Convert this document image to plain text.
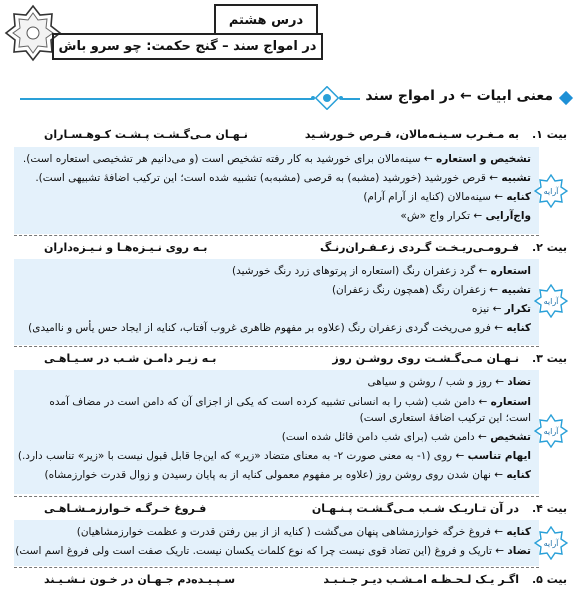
درس هشتم
در امواج سند – گنج حکمت: چو سرو باش
معنی ابیات ← در امواج سند
بیت ۱.
به مـغـرب سـینـه‌مالان، قـرص خـورشـید
نـهـان مـی‌گـشـت پـشـت کـوهـسـاران
تشخیص و استعاره ← سینه‌مالان برای خورشید به کار رفته تشخیص است (و می‌دانیم هر تشخیصی استعاره است).
تشبیه ← قرص خورشید (خورشید (مشبه) به قرصی (مشبه‌به) تشبیه شده است؛ این ترکیب اضافهٔ تشبیهی است).
کنایه ← سینه‌مالان (کنایه از آرام آرام)
واج‌آرایی ← تکرار واج «ش»
آرایه
بیت ۲.
فـرومـی‌ریـخـت گـردی زعـفـران‌رنـگ
بـه روی نـیـزه‌هـا و نـیـزه‌داران
استعاره ← گرد زعفران رنگ (استعاره از پرتوهای زرد رنگ خورشید)
تشبیه ← زعفران رنگ (همچون رنگ زعفران)
تکرار ← نیزه
کنایه ← فرو می‌ریخت گردی زعفران رنگ (علاوه بر مفهوم ظاهری غروب آفتاب، کنایه از ایجاد حس یأس و ناامیدی)
آرایه
بیت ۳.
نـهـان مـی‌گـشـت روی روشـن روز
بـه زیـر دامـن شـب در سـیـاهـی
تضاد ← روز و شب / روشن و سیاهی
استعاره ← دامن شب (شب را به انسانی تشبیه کرده است که یکی از اجزای آن که دامن است در مضاف آمده است؛ این ترکیب اضافهٔ استعاری است)
تشخیص ← دامن شب (برای شب دامن قائل شده است)
ایهام تناسب ← روی (۱- به معنی صورت ۲- به معنای متضاد «زیر» که این‌جا قابل قبول نیست با «زیر» تناسب دارد.)
کنایه ← نهان شدن روی روشن روز (علاوه بر مفهوم معمولی کنایه از به پایان رسیدن و زوال قدرت خوارزمشاه)
آرایه
بیت ۴.
در آن تـاریـک شـب مـی‌گـشـت پـنـهـان
فـروغ خـرگـه خـوارزمـشـاهـی
کنایه ← فروغ خرگه خوارزمشاهی پنهان می‌گشت ( کنایه از از بین رفتن قدرت و عظمت خوارزمشاهیان)
تضاد ← تاریک و فروغ (این تضاد قوی نیست چرا که نوع کلمات یکسان نیست. تاریک صفت است ولی فروغ اسم است)
آرایه
بیت ۵.
اگـر یـک لـحـظـه امـشـب دیـر جـنـبـد
سـپـیـده‌دم جـهـان در خـون نـشـیـند
